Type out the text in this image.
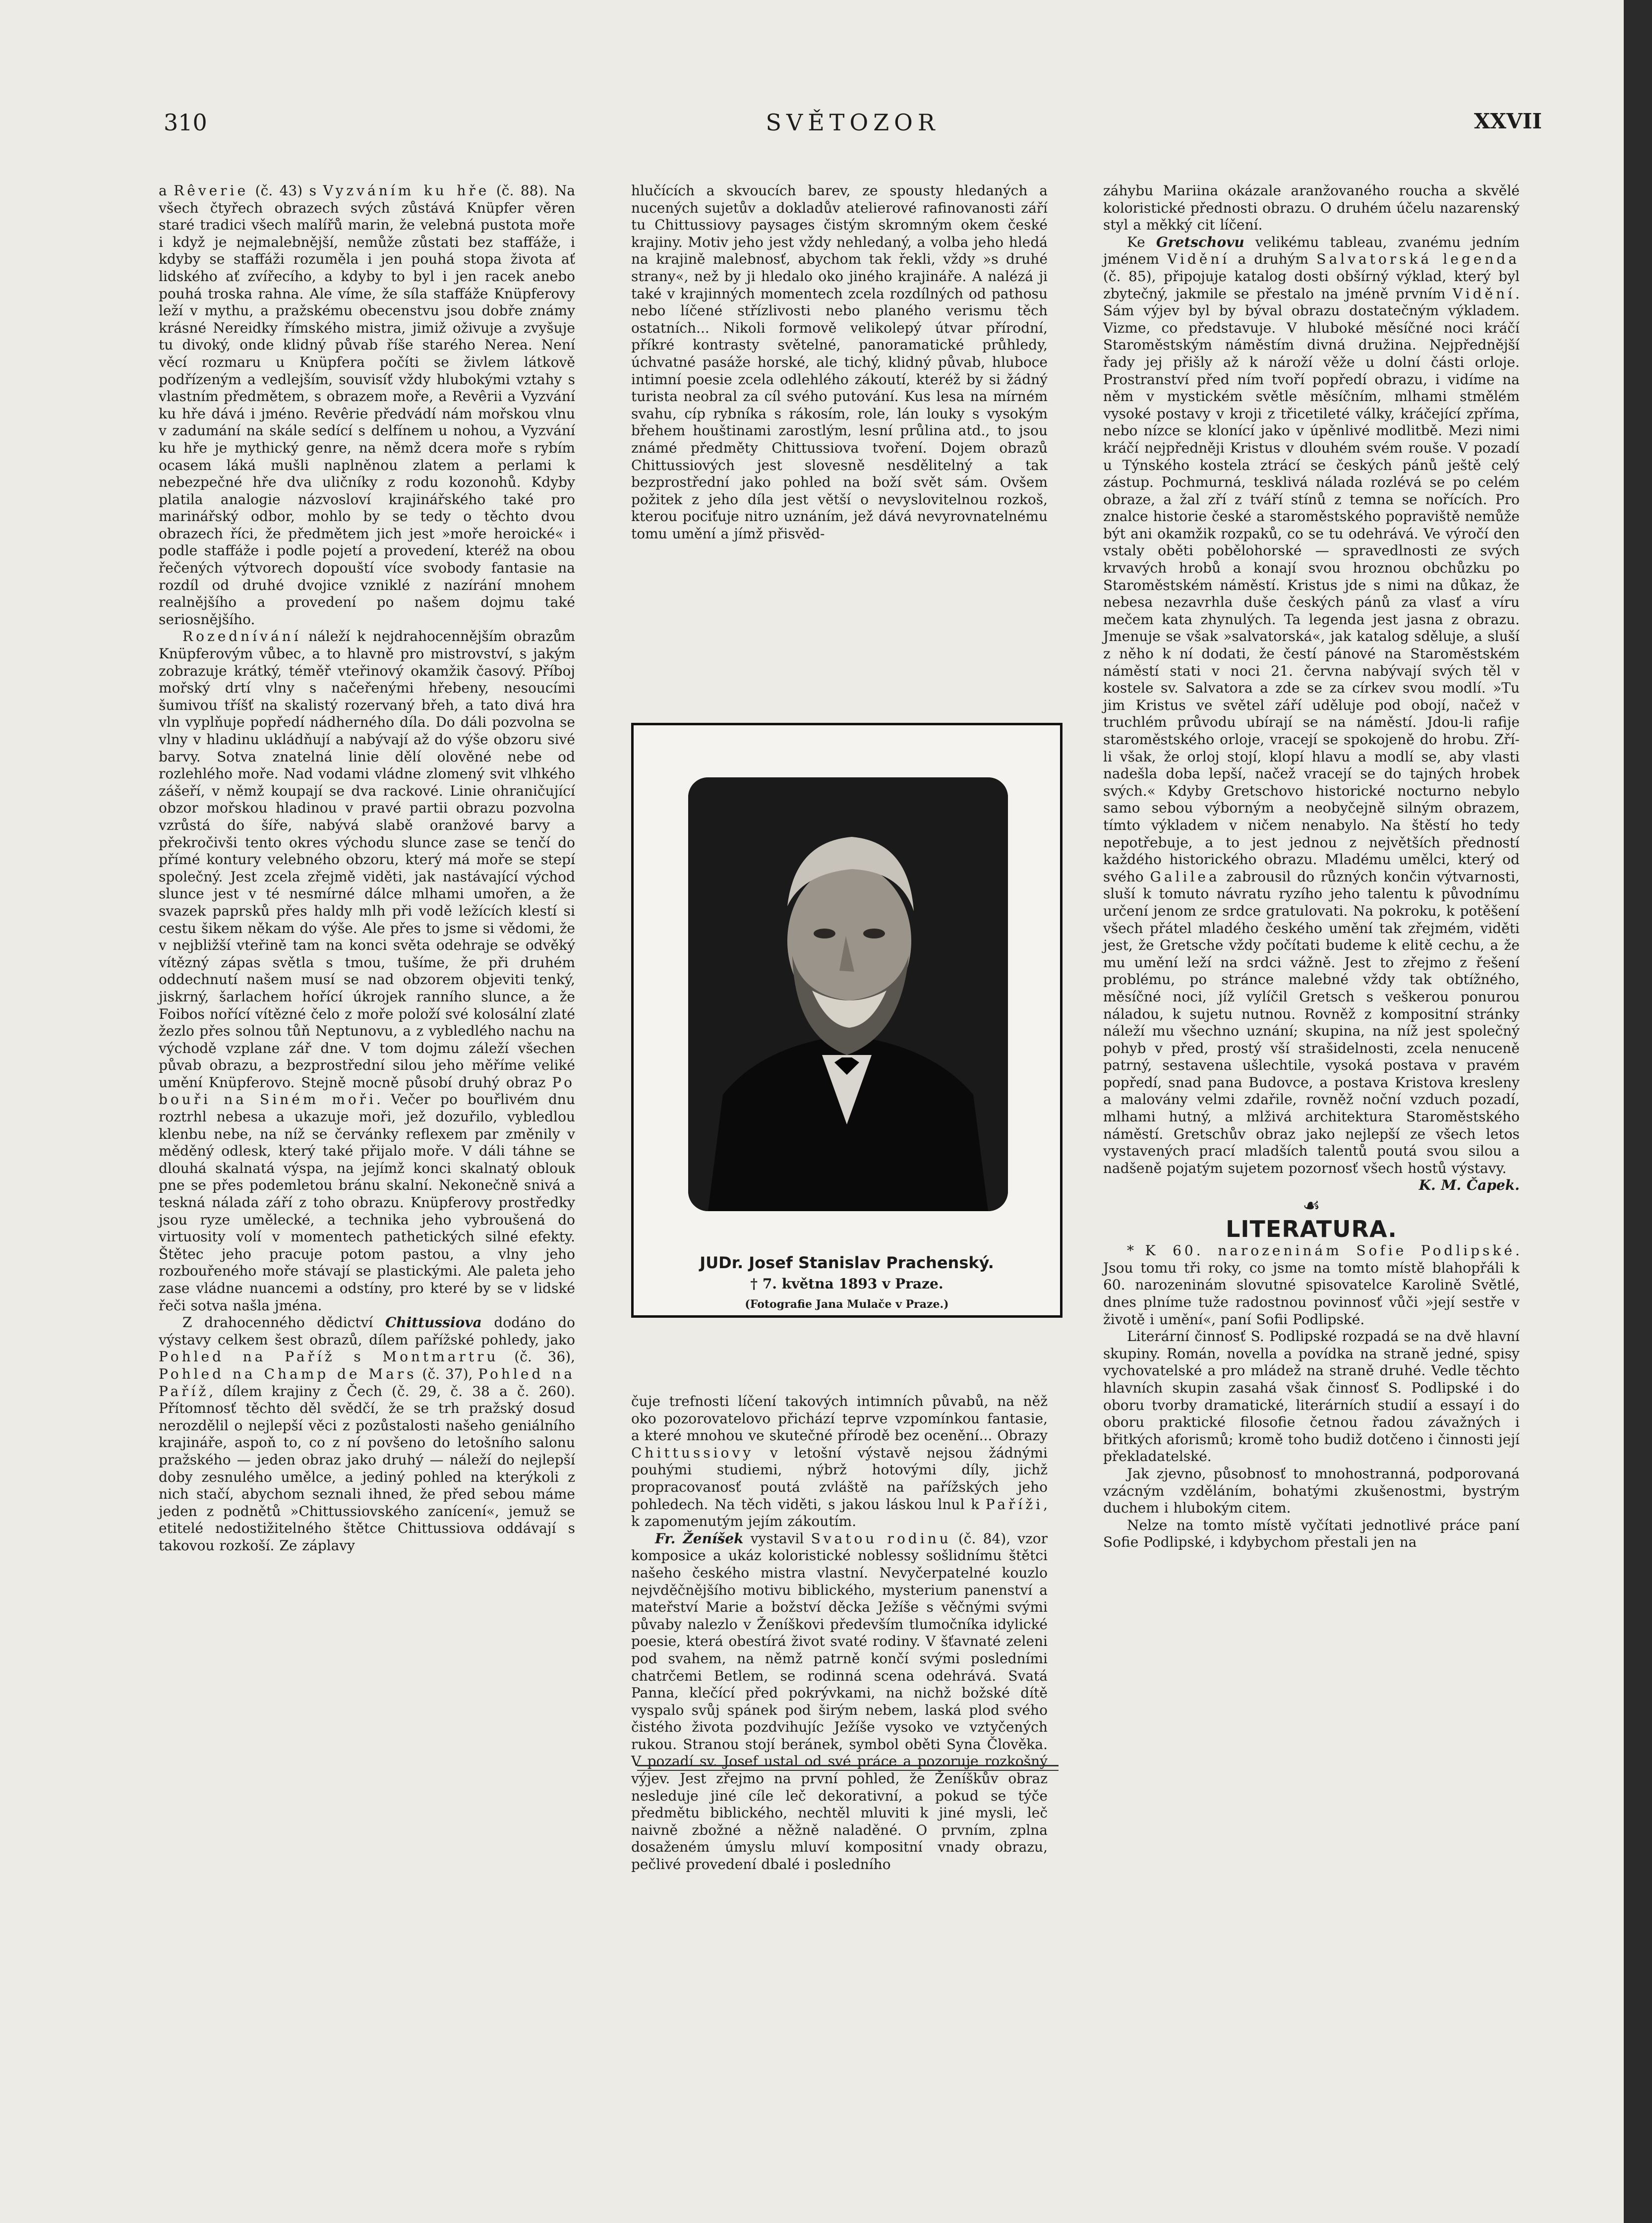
310	SVĚTOZOR	XXVII

a Rêverie (č. 43) s Vyzváním ku hře (č. 88). Na všech čtyřech obrazech svých zůstává Knüpfer věren staré tradici všech malířů marin, že velebná pustota moře i když je nejmalebnější, nemůže zůstati bez staffáže, i kdyby se staffáži rozuměla i jen pouhá stopa života ať lidského ať zvířecího, a kdyby to byl i jen racek anebo pouhá troska rahna. Ale víme, že síla staffáže Knüpferovy leží v mythu, a pražskému obecenstvu jsou dobře známy krásné Nereidky římského mistra, jimiž oživuje a zvyšuje tu divoký, onde klidný půvab říše starého Nerea. Není věcí rozmaru u Knüpfera počíti se živlem látkově podřízeným a vedlejším, souvisíť vždy hlubokými vztahy s vlastním předmětem, s obrazem moře, a Revêrii a Vyzvání ku hře dává i jméno. Revêrie předvádí nám mořskou vlnu v zadumání na skále sedící s delfínem u nohou, a Vyzvání ku hře je mythický genre, na němž dcera moře s rybím ocasem láká mušli naplněnou zlatem a perlami k nebezpečné hře dva uličníky z rodu kozonohů. Kdyby platila analogie názvosloví krajinářského také pro marinářský odbor, mohlo by se tedy o těchto dvou obrazech říci, že předmětem jich jest »moře heroické« i podle staffáže i podle pojetí a provedení, kteréž na obou řečených výtvorech dopouští více svobody fantasie na rozdíl od druhé dvojice vzniklé z nazírání mnohem realnějšího a provedení po našem dojmu také seriosnějšího.

Rozednívání náleží k nejdrahocennějším obrazům Knüpferovým vůbec, a to hlavně pro mistrovství, s jakým zobrazuje krátký, téměř vteřinový okamžik časový. Příboj mořský drtí vlny s načeřenými hřebeny, nesoucími šumivou tříšť na skalistý rozervaný břeh, a tato divá hra vln vyplňuje popředí nádherného díla. Do dáli pozvolna se vlny v hladinu ukládňují a nabývají až do výše obzoru sivé barvy. Sotva znatelná linie dělí olověné nebe od rozlehlého moře. Nad vodami vládne zlomený svit vlhkého zášeří, v němž koupají se dva rackové. Linie ohraničující obzor mořskou hladinou v pravé partii obrazu pozvolna vzrůstá do šíře, nabývá slabě oranžové barvy a překročivši tento okres východu slunce zase se tenčí do přímé kontury velebného obzoru, který má moře se stepí společný. Jest zcela zřejmě viděti, jak nastávající východ slunce jest v té nesmírné dálce mlhami umořen, a že svazek paprsků přes haldy mlh při vodě ležících klestí si cestu šikem někam do výše. Ale přes to jsme si vědomi, že v nejbližší vteřině tam na konci světa odehraje se odvěký vítězný zápas světla s tmou, tušíme, že při druhém oddechnutí našem musí se nad obzorem objeviti tenký, jiskrný, šarlachem hořící úkrojek ranního slunce, a že Foibos nořící vítězné čelo z moře položí své kolosální zlaté žezlo přes solnou tůň Neptunovu, a z vybledlého nachu na východě vzplane zář dne. V tom dojmu záleží všechen půvab obrazu, a bezprostřední silou jeho měříme veliké umění Knüpferovo. Stejně mocně působí druhý obraz Po bouři na Siném moři. Večer po bouřlivém dnu roztrhl nebesa a ukazuje moři, jež dozuřilo, vybledlou klenbu nebe, na níž se červánky reflexem par změnily v měděný odlesk, který také přijalo moře. V dáli táhne se dlouhá skalnatá výspa, na jejímž konci skalnatý oblouk pne se přes podemletou bránu skalní. Nekonečně snivá a teskná nálada září z toho obrazu. Knüpferovy prostředky jsou ryze umělecké, a technika jeho vybroušená do virtuosity volí v momentech pathetických silné efekty. Štětec jeho pracuje potom pastou, a vlny jeho rozbouřeného moře stávají se plastickými. Ale paleta jeho zase vládne nuancemi a odstíny, pro které by se v lidské řeči sotva našla jména.

Z drahocenného dědictví Chittussiova dodáno do výstavy celkem šest obrazů, dílem pařížské pohledy, jako Pohled na Paříž s Montmartru (č. 36), Pohled na Champ de Mars (č. 37), Pohled na Paříž, dílem krajiny z Čech (č. 29, č. 38 a č. 260). Přítomnosť těchto děl svědčí, že se trh pražský dosud nerozdělil o nejlepší věci z pozůstalosti našeho geniálního krajináře, aspoň to, co z ní povšeno do letošního salonu pražského — jeden obraz jako druhý — náleží do nejlepší doby zesnulého umělce, a jediný pohled na kterýkoli z nich stačí, abychom seznali ihned, že před sebou máme jeden z podnětů »Chittussiovského zanícení«, jemuž se etitelé nedostižitelného štětce Chittussiova oddávají s takovou rozkoší. Ze záplavy

hlučících a skvoucích barev, ze spousty hledaných a nucených sujetův a dokladův atelierové rafinovanosti září tu Chittussiovy paysages čistým skromným okem české krajiny. Motiv jeho jest vždy nehledaný, a volba jeho hledá na krajině malebnosť, abychom tak řekli, vždy »s druhé strany«, než by ji hledalo oko jiného krajináře. A nalézá ji také v krajinných momentech zcela rozdílných od pathosu nebo líčené střízlivosti nebo planého verismu těch ostatních... Nikoli formově velikolepý útvar přírodní, příkré kontrasty světelné, panoramatické průhledy, úchvatné pasáže horské, ale tichý, klidný půvab, hluboce intimní poesie zcela odlehlého zákoutí, kteréž by si žádný turista neobral za cíl svého putování. Kus lesa na mírném svahu, cíp rybníka s rákosím, role, lán louky s vysokým břehem houštinami zarostlým, lesní průlina atd., to jsou známé předměty Chittussiova tvoření. Dojem obrazů Chittussiových jest slovesně nesdělitelný a tak bezprostřední jako pohled na boží svět sám. Ovšem požitek z jeho díla jest větší o nevyslovitelnou rozkoš, kterou pociťuje nitro uznáním, jež dává nevyrovnatelnému tomu umění a jímž přisvěd-

JUDr. Josef Stanislav Prachenský.
† 7. května 1893 v Praze.
(Fotografie Jana Mulače v Praze.)

čuje trefnosti líčení takových intimních půvabů, na něž oko pozorovatelovo přichází teprve vzpomínkou fantasie, a které mnohou ve skutečné přírodě bez ocenění... Obrazy Chittussiovy v letošní výstavě nejsou žádnými pouhými studiemi, nýbrž hotovými díly, jichž propracovanosť poutá zvláště na pařížských jeho pohledech. Na těch viděti, s jakou láskou lnul k Paříži, k zapomenutým jejím zákoutím.

Fr. Ženíšek vystavil Svatou rodinu (č. 84), vzor komposice a ukáz koloristické noblessy sošlidnímu štětci našeho českého mistra vlastní. Nevyčerpatelné kouzlo nejvděčnějšího motivu biblického, mysterium panenství a mateřství Marie a božství děcka Ježíše s věčnými svými půvaby nalezlo v Ženíškovi především tlumočníka idylické poesie, která obestírá život svaté rodiny. V šťavnaté zeleni pod svahem, na němž patrně končí svými posledními chatrčemi Betlem, se rodinná scena odehrává. Svatá Panna, klečící před pokrývkami, na nichž božské dítě vyspalo svůj spánek pod širým nebem, laská plod svého čistého života pozdvihujíc Ježíše vysoko ve vztyčených rukou. Stranou stojí beránek, symbol oběti Syna Člověka. V pozadí sv. Josef ustal od své práce a pozoruje rozkošný výjev. Jest zřejmo na první pohled, že Ženíškův obraz nesleduje jiné cíle leč dekorativní, a pokud se týče předmětu biblického, nechtěl mluviti k jiné mysli, leč naivně zbožné a něžně naladěné. O prvním, zplna dosaženém úmyslu mluví kompositní vnady obrazu, pečlivé provedení dbalé i posledního

záhybu Mariina okázale aranžovaného roucha a skvělé koloristické přednosti obrazu. O druhém účelu nazarenský styl a měkký cit líčení.

Ke Gretschovu velikému tableau, zvanému jedním jménem Vidění a druhým Salvatorská legenda (č. 85), připojuje katalog dosti obšírný výklad, který byl zbytečný, jakmile se přestalo na jméně prvním Vidění. Sám výjev byl by býval obrazu dostatečným výkladem. Vizme, co představuje. V hluboké měsíčné noci kráčí Staroměstským náměstím divná družina. Nejpřednější řady jej přišly až k nároží věže u dolní části orloje. Prostranství před ním tvoří popředí obrazu, i vidíme na něm v mystickém světle měsíčním, mlhami stmělém vysoké postavy v kroji z třicetileté války, kráčející zpříma, nebo nízce se klonící jako v úpěnlivé modlitbě. Mezi nimi kráčí nejpředněji Kristus v dlouhém svém rouše. V pozadí u Týnského kostela ztrácí se českých pánů ještě celý zástup. Pochmurná, tesklivá nálada rozlévá se po celém obraze, a žal zří z tváří stínů z temna se nořících. Pro znalce historie české a staroměstského popraviště nemůže být ani okamžik rozpaků, co se tu odehrává. Ve výročí den vstaly oběti pobělohorské — spravedlnosti ze svých krvavých hrobů a konají svou hroznou obchůzku po Staroměstském náměstí. Kristus jde s nimi na důkaz, že nebesa nezavrhla duše českých pánů za vlasť a víru mečem kata zhynulých. Ta legenda jest jasna z obrazu. Jmenuje se však »salvatorská«, jak katalog sděluje, a sluší z něho k ní dodati, že čestí pánové na Staroměstském náměstí stati v noci 21. června nabývají svých těl v kostele sv. Salvatora a zde se za církev svou modlí. »Tu jim Kristus ve světel září uděluje pod obojí, načež v truchlém průvodu ubírají se na náměstí. Jdou-li rafije staroměstského orloje, vracejí se spokojeně do hrobu. Zří-li však, že orloj stojí, klopí hlavu a modlí se, aby vlasti nadešla doba lepší, načež vracejí se do tajných hrobek svých.« Kdyby Gretschovo historické nocturno nebylo samo sebou výborným a neobyčejně silným obrazem, tímto výkladem v ničem nenabylo. Na štěstí ho tedy nepotřebuje, a to jest jednou z největších předností každého historického obrazu. Mladému umělci, který od svého Galilea zabrousil do různých končin výtvarnosti, sluší k tomuto návratu ryzího jeho talentu k původnímu určení jenom ze srdce gratulovati. Na pokroku, k potěšení všech přátel mladého českého umění tak zřejmém, viděti jest, že Gretsche vždy počítati budeme k elitě cechu, a že mu umění leží na srdci vážně. Jest to zřejmo z řešení problému, po stránce malebné vždy tak obtížného, měsíčné noci, jíž vylíčil Gretsch s veškerou ponurou náladou, k sujetu nutnou. Rovněž z kompositní stránky náleží mu všechno uznání; skupina, na níž jest společný pohyb v před, prostý vší strašidelnosti, zcela nenuceně patrný, sestavena ušlechtile, vysoká postava v pravém popředí, snad pana Budovce, a postava Kristova kresleny a malovány velmi zdařile, rovněž noční vzduch pozadí, mlhami hutný, a mlživá architektura Staroměstského náměstí. Gretschův obraz jako nejlepší ze všech letos vystavených prací mladších talentů poutá svou silou a nadšeně pojatým sujetem pozornosť všech hostů výstavy.

K. M. Čapek.

☙
LITERATURA.

* K 60. narozeninám Sofie Podlipské. Jsou tomu tři roky, co jsme na tomto místě blahopřáli k 60. narozeninám slovutné spisovatelce Karolině Světlé, dnes plníme tuže radostnou povinnosť vůči »její sestře v životě i umění«, paní Sofii Podlipské.

Literární činnosť S. Podlipské rozpadá se na dvě hlavní skupiny. Román, novella a povídka na straně jedné, spisy vychovatelské a pro mládež na straně druhé. Vedle těchto hlavních skupin zasahá však činnosť S. Podlipské i do oboru tvorby dramatické, literárních studií a essayí i do oboru praktické filosofie četnou řadou závažných i břitkých aforismů; kromě toho budiž dotčeno i činnosti její překladatelské.

Jak zjevno, působnosť to mnohostranná, podporovaná vzácným vzděláním, bohatými zkušenostmi, bystrým duchem i hlubokým citem.

Nelze na tomto místě vyčítati jednotlivé práce paní Sofie Podlipské, i kdybychom přestali jen na
